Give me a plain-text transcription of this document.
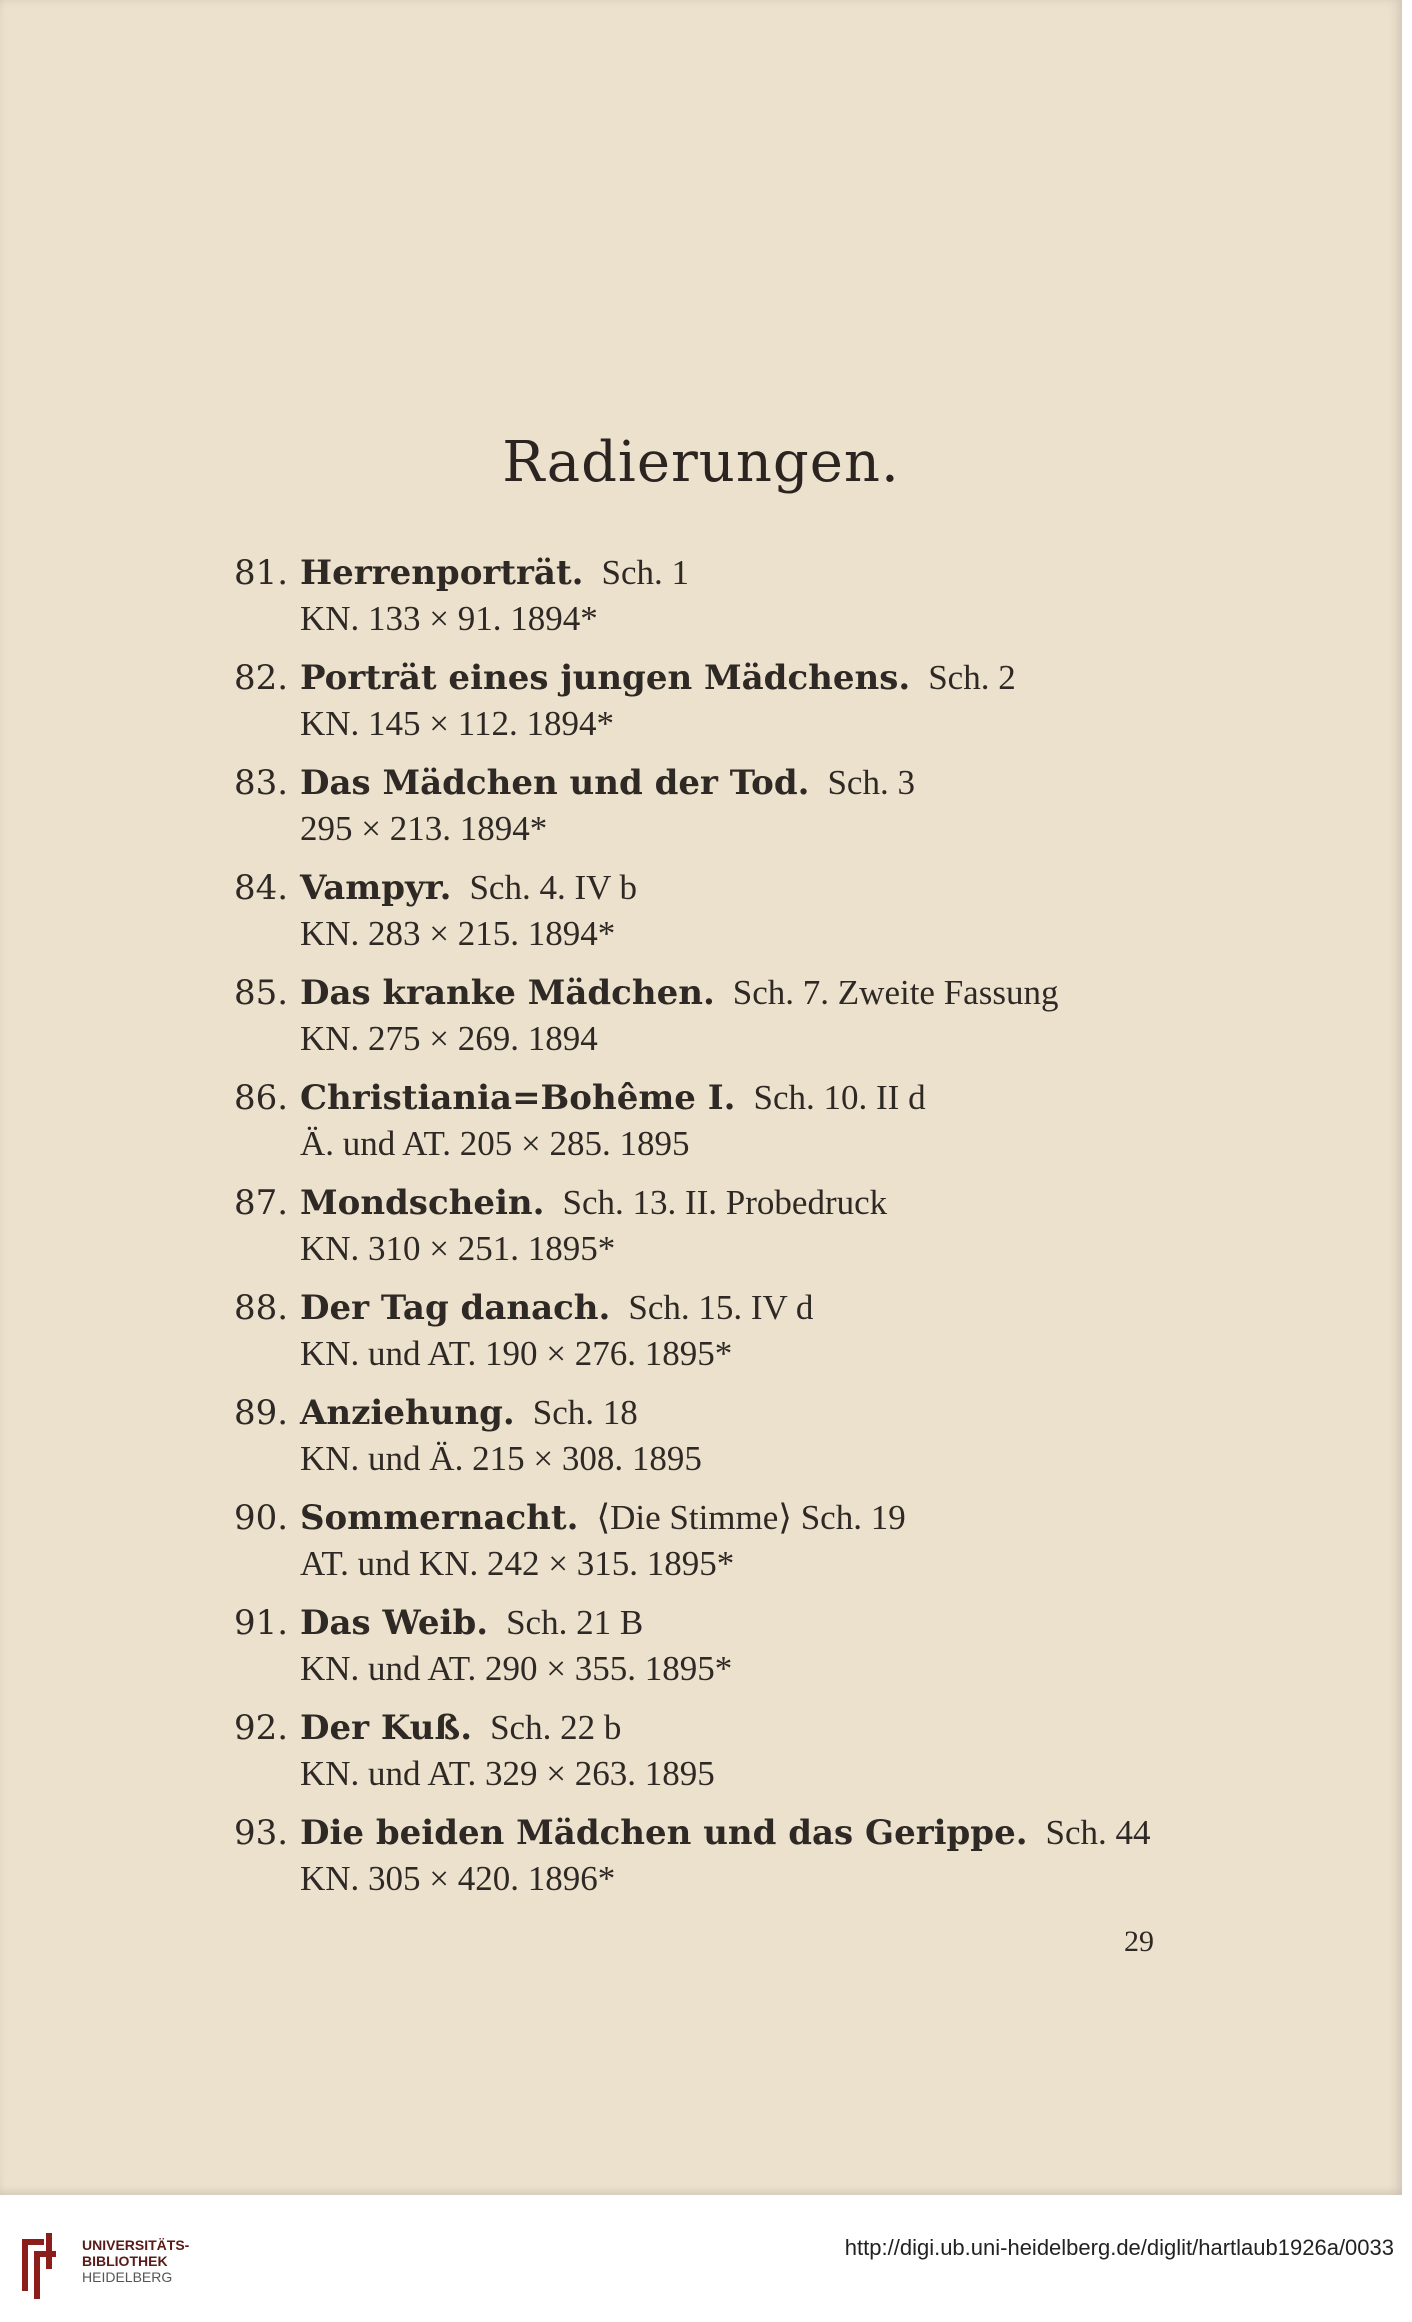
Radierungen.
81. Herrenporträt. Sch. 1
KN. 133 × 91. 1894*
82. Porträt eines jungen Mädchens. Sch. 2
KN. 145 × 112. 1894*
83. Das Mädchen und der Tod. Sch. 3
295 × 213. 1894*
84. Vampyr. Sch. 4. IV b
KN. 283 × 215. 1894*
85. Das kranke Mädchen. Sch. 7. Zweite Fassung
KN. 275 × 269. 1894
86. Christiania=Bohême I. Sch. 10. II d
Ä. und AT. 205 × 285. 1895
87. Mondschein. Sch. 13. II. Probedruck
KN. 310 × 251. 1895*
88. Der Tag danach. Sch. 15. IV d
KN. und AT. 190 × 276. 1895*
89. Anziehung. Sch. 18
KN. und Ä. 215 × 308. 1895
90. Sommernacht. ⟨Die Stimme⟩ Sch. 19
AT. und KN. 242 × 315. 1895*
91. Das Weib. Sch. 21 B
KN. und AT. 290 × 355. 1895*
92. Der Kuß. Sch. 22 b
KN. und AT. 329 × 263. 1895
93. Die beiden Mädchen und das Gerippe. Sch. 44
KN. 305 × 420. 1896*
29
UNIVERSITÄTS-
BIBLIOTHEK
HEIDELBERG
http://digi.ub.uni-heidelberg.de/diglit/hartlaub1926a/0033
